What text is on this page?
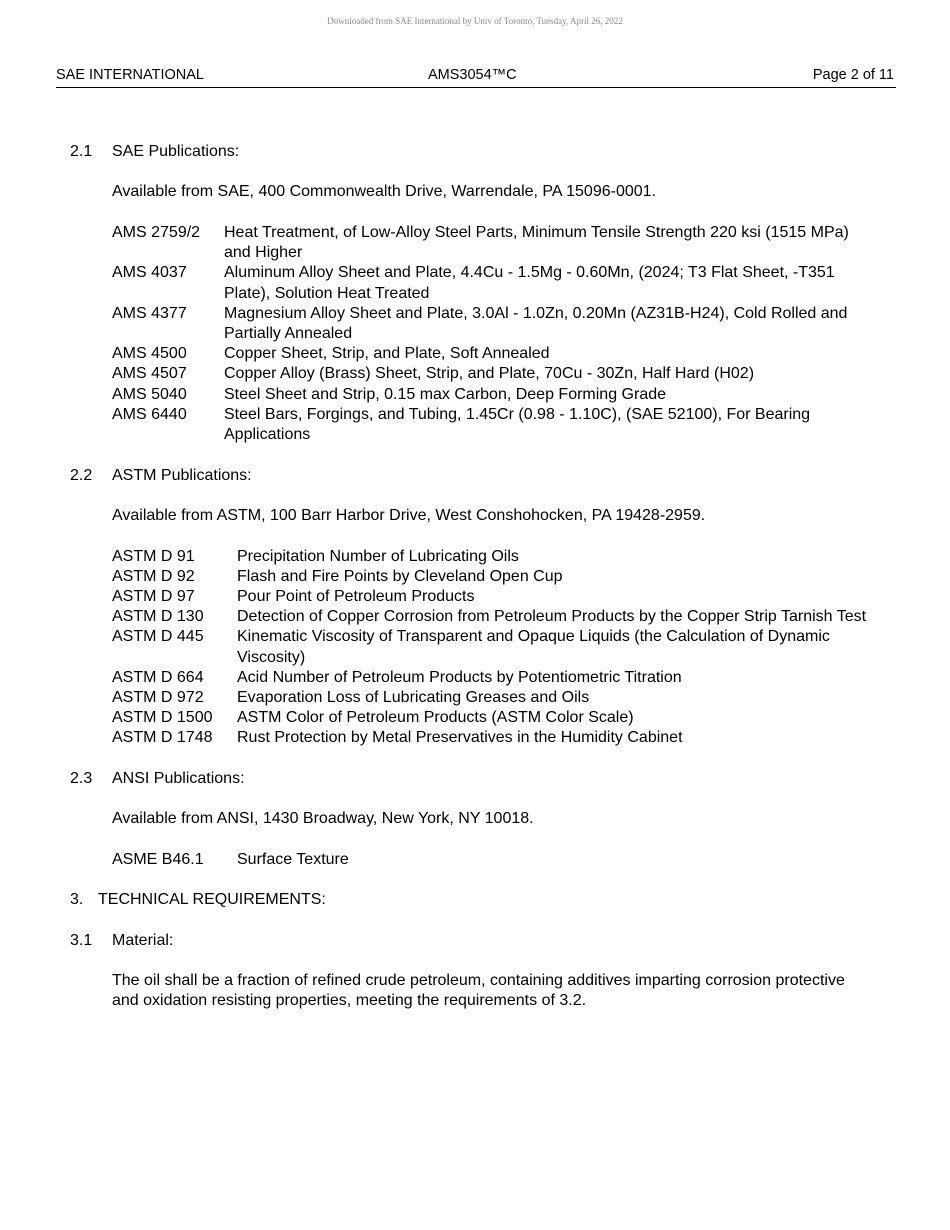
Downloaded from SAE International by Univ of Toronto, Tuesday, April 26, 2022
SAE INTERNATIONAL	AMS3054™C	Page 2 of 11
2.1 SAE Publications:
Available from SAE, 400 Commonwealth Drive, Warrendale, PA 15096-0001.
AMS 2759/2 Heat Treatment, of Low-Alloy Steel Parts, Minimum Tensile Strength 220 ksi (1515 MPa) and Higher
AMS 4037 Aluminum Alloy Sheet and Plate, 4.4Cu - 1.5Mg - 0.60Mn, (2024; T3 Flat Sheet, -T351 Plate), Solution Heat Treated
AMS 4377 Magnesium Alloy Sheet and Plate, 3.0Al - 1.0Zn, 0.20Mn (AZ31B-H24), Cold Rolled and Partially Annealed
AMS 4500 Copper Sheet, Strip, and Plate, Soft Annealed
AMS 4507 Copper Alloy (Brass) Sheet, Strip, and Plate, 70Cu - 30Zn, Half Hard (H02)
AMS 5040 Steel Sheet and Strip, 0.15 max Carbon, Deep Forming Grade
AMS 6440 Steel Bars, Forgings, and Tubing, 1.45Cr (0.98 - 1.10C), (SAE 52100), For Bearing Applications
2.2 ASTM Publications:
Available from ASTM, 100 Barr Harbor Drive, West Conshohocken, PA 19428-2959.
ASTM D 91	Precipitation Number of Lubricating Oils
ASTM D 92	Flash and Fire Points by Cleveland Open Cup
ASTM D 97	Pour Point of Petroleum Products
ASTM D 130 Detection of Copper Corrosion from Petroleum Products by the Copper Strip Tarnish Test
ASTM D 445 Kinematic Viscosity of Transparent and Opaque Liquids (the Calculation of Dynamic Viscosity)
ASTM D 664 Acid Number of Petroleum Products by Potentiometric Titration
ASTM D 972 Evaporation Loss of Lubricating Greases and Oils
ASTM D 1500 ASTM Color of Petroleum Products (ASTM Color Scale)
ASTM D 1748 Rust Protection by Metal Preservatives in the Humidity Cabinet
2.3 ANSI Publications:
Available from ANSI, 1430 Broadway, New York, NY 10018.
ASME B46.1 Surface Texture
3. TECHNICAL REQUIREMENTS:
3.1 Material:
The oil shall be a fraction of refined crude petroleum, containing additives imparting corrosion protective and oxidation resisting properties, meeting the requirements of 3.2.
